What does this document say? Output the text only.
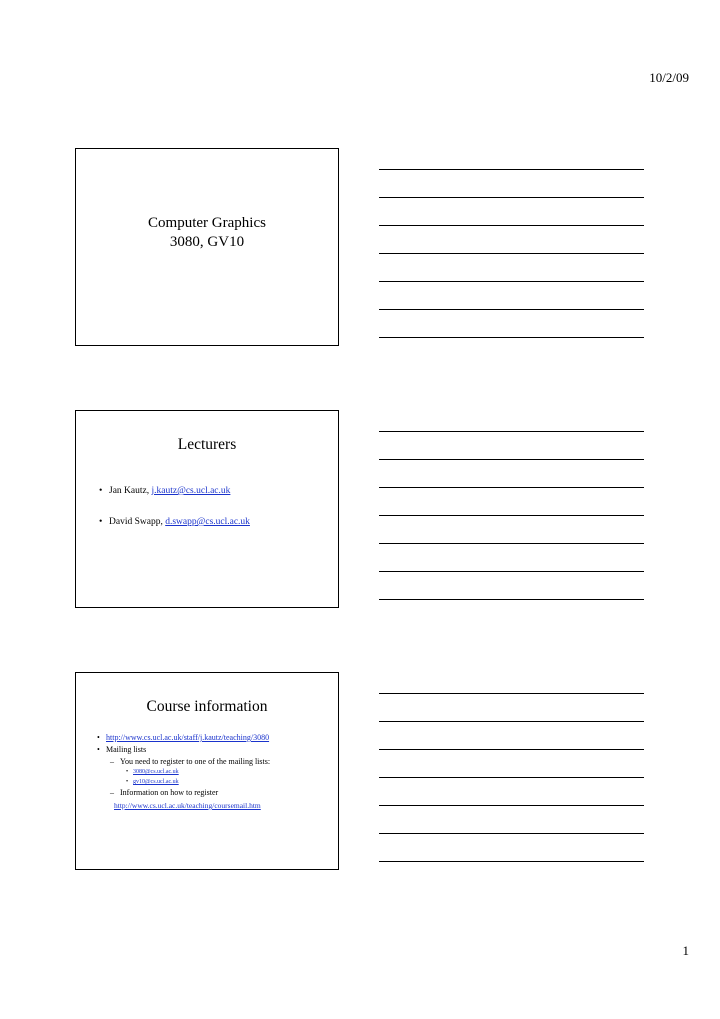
10/2/09
Computer Graphics
3080, GV10
Lecturers
• Jan Kautz, j.kautz@cs.ucl.ac.uk
• David Swapp, d.swapp@cs.ucl.ac.uk
Course information
• http://www.cs.ucl.ac.uk/staff/j.kautz/teaching/3080
• Mailing lists
– You need to register to one of the mailing lists:
• 3080@cs.ucl.ac.uk
• gv10@cs.ucl.ac.uk
– Information on how to register
http://www.cs.ucl.ac.uk/teaching/coursemail.htm
1
